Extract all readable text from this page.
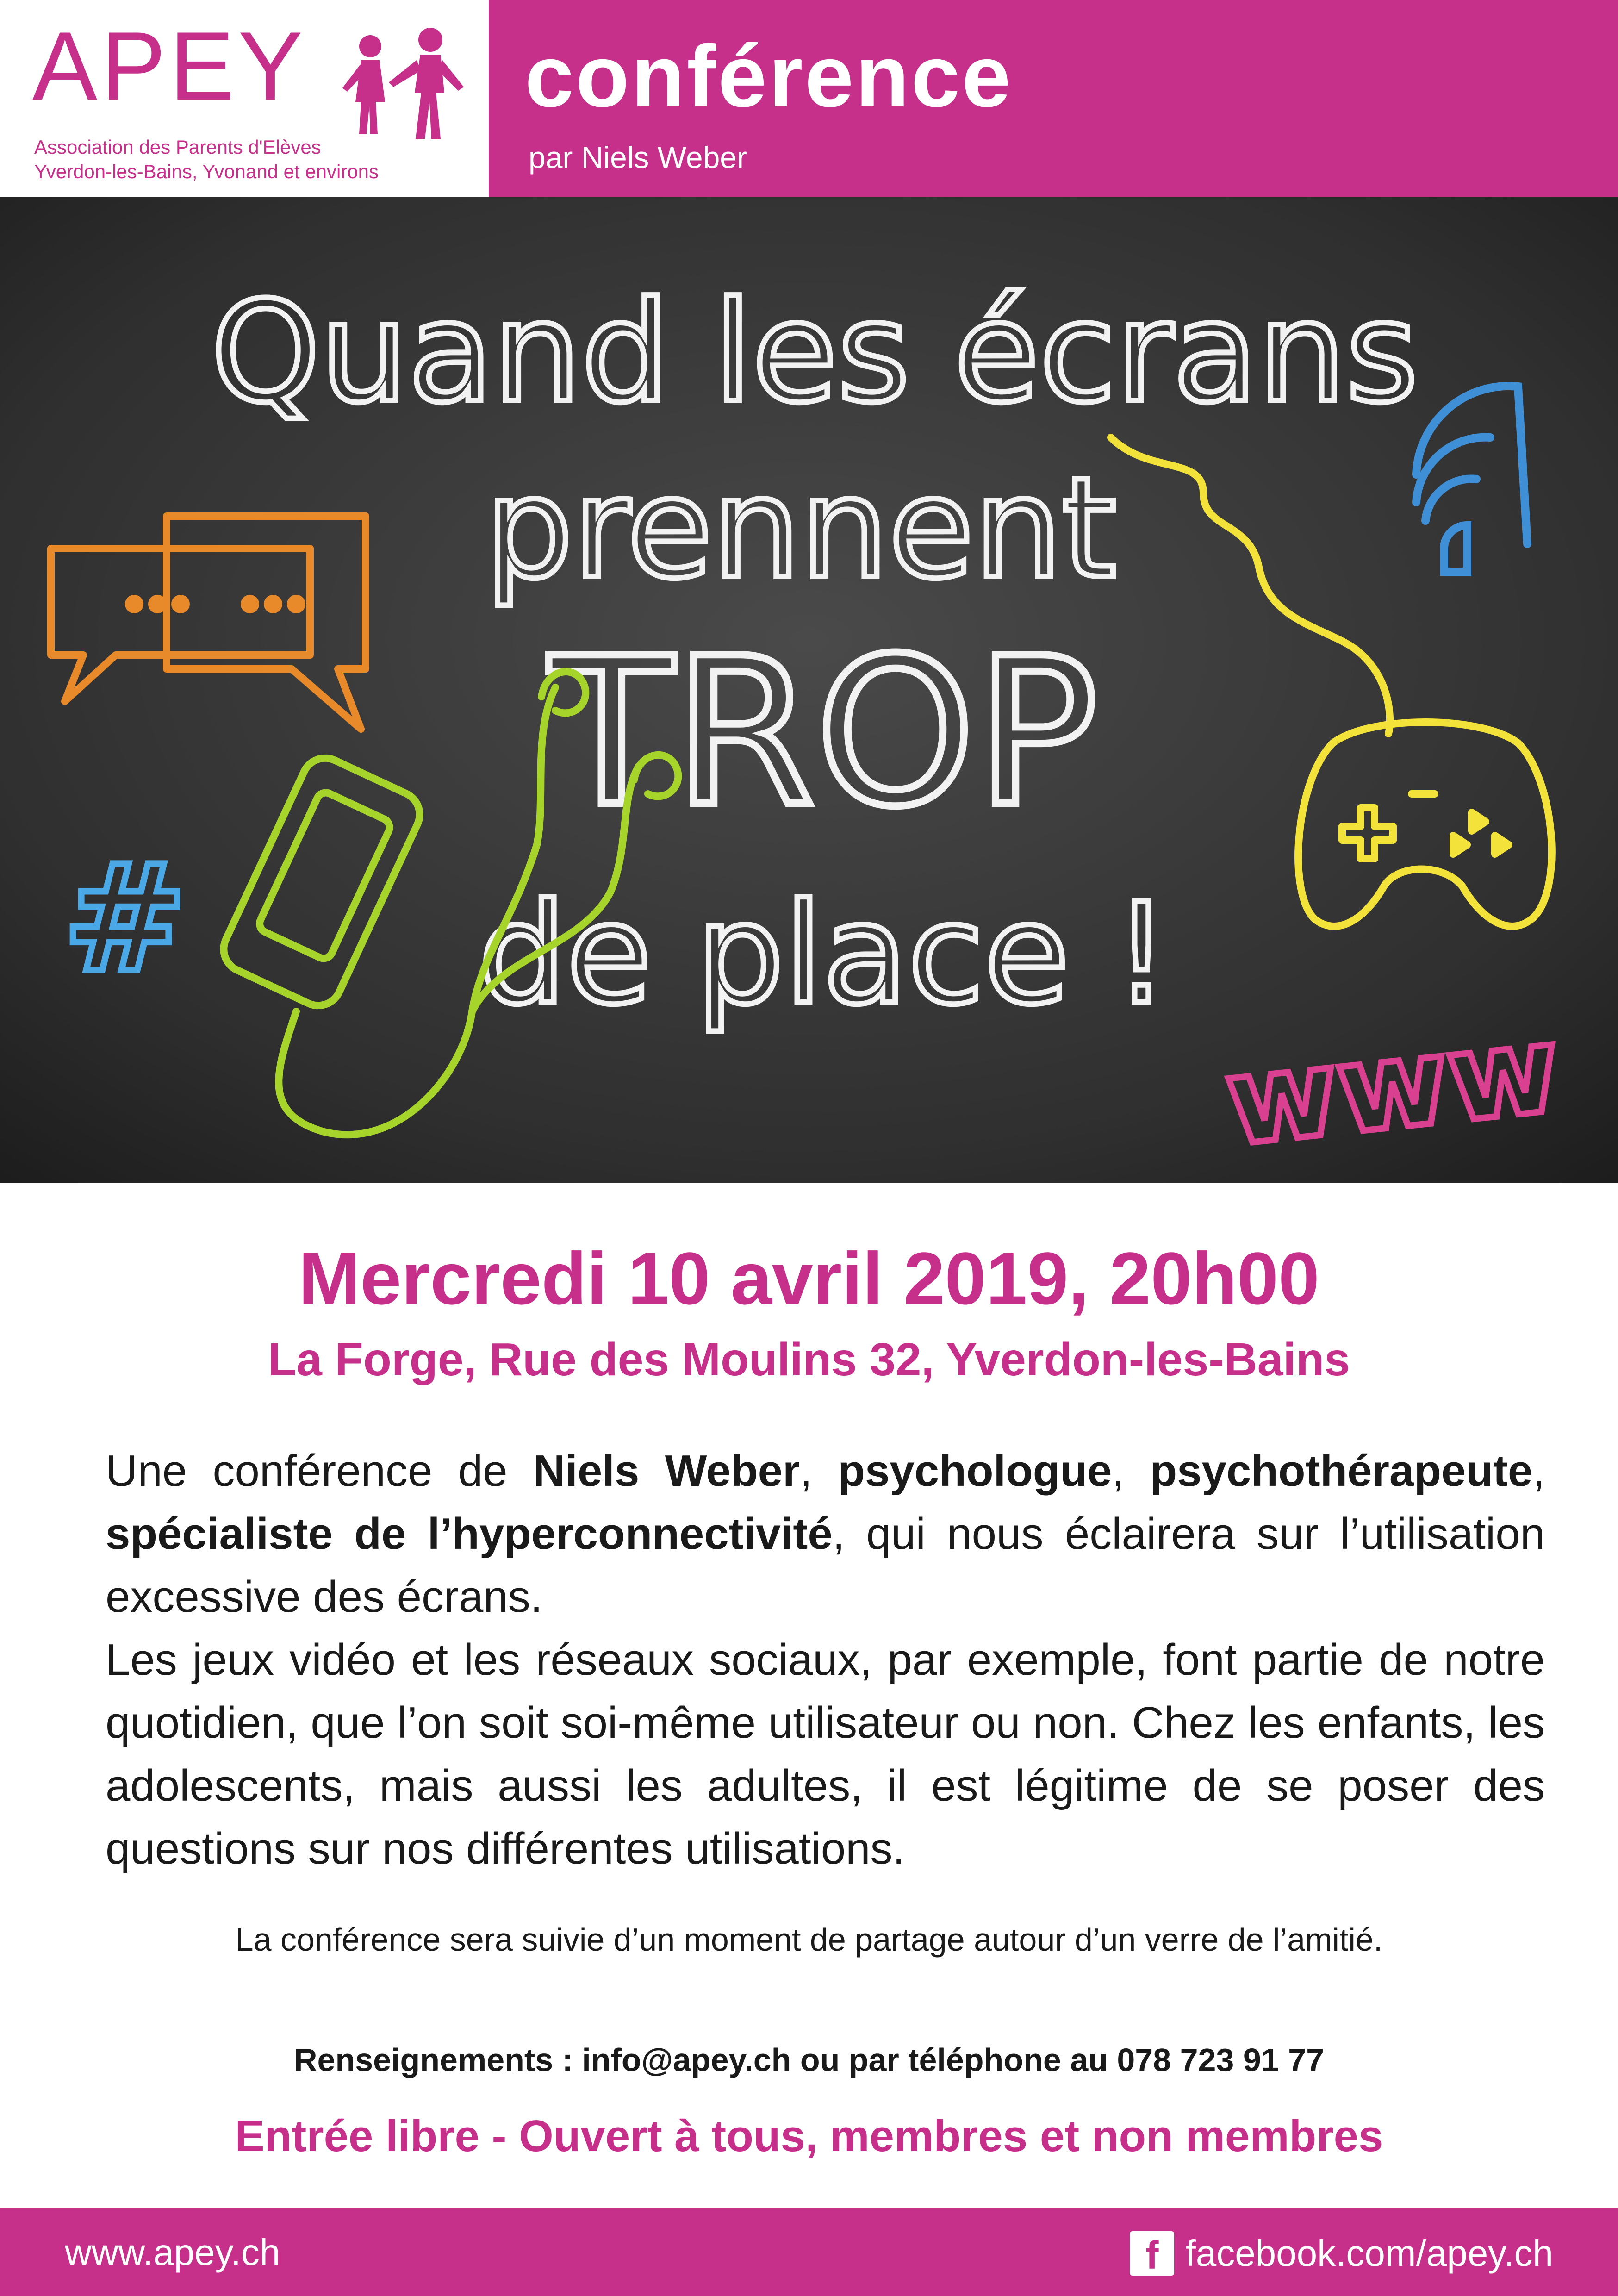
APEY
Association des Parents d'Elèves
Yverdon-les-Bains, Yvonand et environs
conférence
par Niels Weber
Quand les écrans
prennent
TROP
de place !
#
www
Mercredi 10 avril 2019, 20h00
La Forge, Rue des Moulins 32, Yverdon-les-Bains

Une conférence de Niels Weber, psychologue, psychothérapeute, spécialiste de l’hyperconnectivité, qui nous éclairera sur l’utilisation excessive des écrans.

Les jeux vidéo et les réseaux sociaux, par exemple, font partie de notre quotidien, que l’on soit soi-même utilisateur ou non. Chez les enfants, les adolescents, mais aussi les adultes, il est légitime de se poser des questions sur nos différentes utilisations.

La conférence sera suivie d’un moment de partage autour d’un verre de l’amitié.
Renseignements : info@apey.ch ou par téléphone au 078 723 91 77
Entrée libre - Ouvert à tous, membres et non membres
www.apey.ch	f facebook.com/apey.ch
